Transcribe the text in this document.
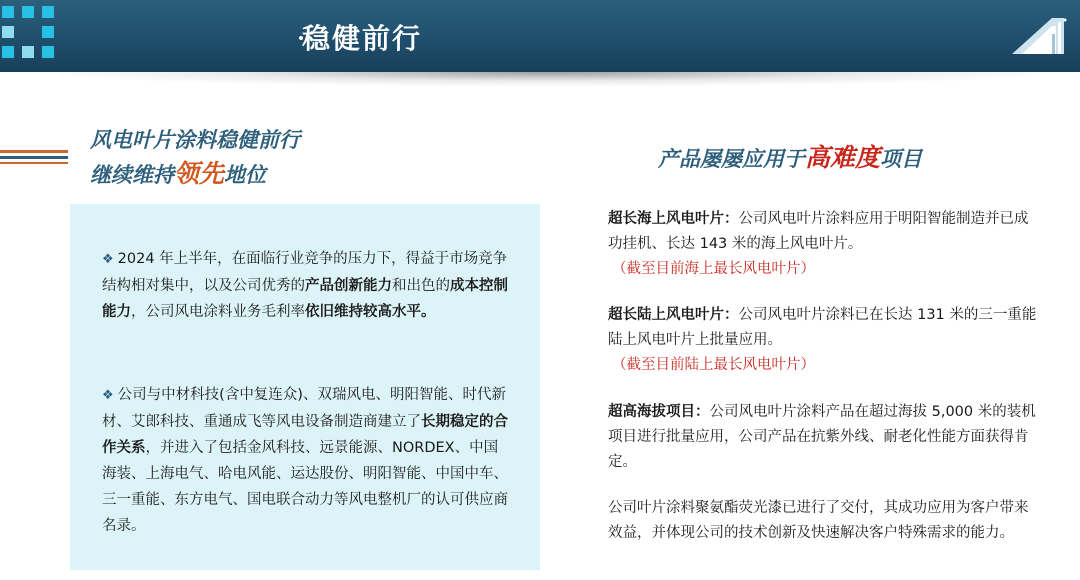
稳健前行
风电叶片涂料稳健前行
继续维持领先地位
❖ 2024 年上半年，在面临行业竞争的压力下，得益于市场竞争结构相对集中，以及公司优秀的产品创新能力和出色的成本控制能力，公司风电涂料业务毛利率依旧维持较高水平。
❖ 公司与中材科技(含中复连众)、双瑞风电、明阳智能、时代新材、艾郎科技、重通成飞等风电设备制造商建立了长期稳定的合作关系，并进入了包括金风科技、远景能源、NORDEX、中国海装、上海电气、哈电风能、运达股份、明阳智能、中国中车、三一重能、东方电气、国电联合动力等风电整机厂的认可供应商名录。
产品屡屡应用于高难度项目
超长海上风电叶片：公司风电叶片涂料应用于明阳智能制造并已成功挂机、长达 143 米的海上风电叶片。
（截至目前海上最长风电叶片）
超长陆上风电叶片：公司风电叶片涂料已在长达 131 米的三一重能陆上风电叶片上批量应用。
（截至目前陆上最长风电叶片）
超高海拔项目：公司风电叶片涂料产品在超过海拔 5,000 米的装机项目进行批量应用，公司产品在抗紫外线、耐老化性能方面获得肯定。
公司叶片涂料聚氨酯荧光漆已进行了交付，其成功应用为客户带来效益，并体现公司的技术创新及快速解决客户特殊需求的能力。
